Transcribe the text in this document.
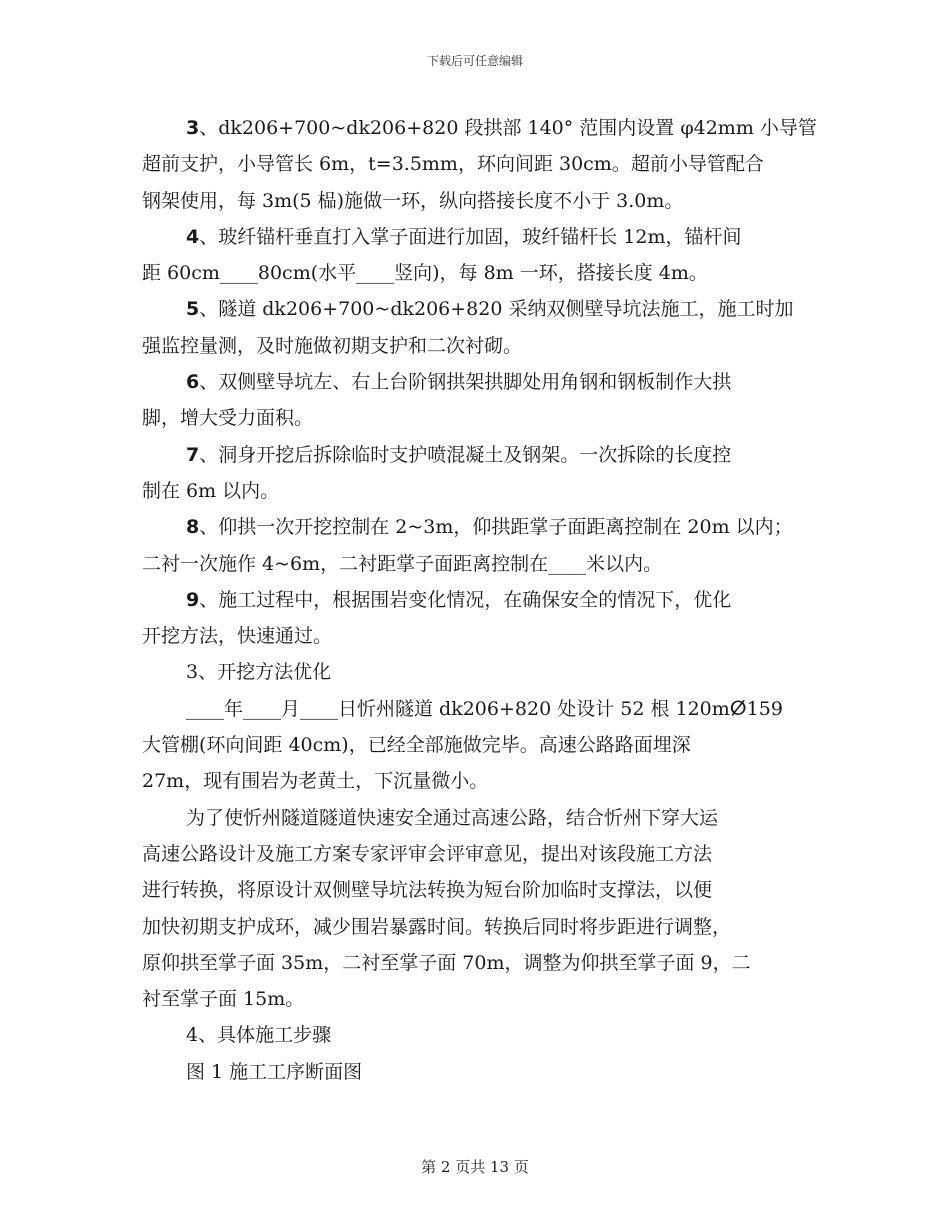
下载后可任意编辑
3、dk206+700~dk206+820 段拱部 140° 范围内设置 φ42mm 小导管
超前支护，小导管长 6m，t=3.5mm，环向间距 30cm。超前小导管配合
钢架使用，每 3m(5 榀)施做一环，纵向搭接长度不小于 3.0m。
4、玻纤锚杆垂直打入掌子面进行加固，玻纤锚杆长 12m，锚杆间
距 60cm____80cm(水平____竖向)，每 8m 一环，搭接长度 4m。
5、隧道 dk206+700~dk206+820 采纳双侧壁导坑法施工，施工时加
强监控量测，及时施做初期支护和二次衬砌。
6、双侧壁导坑左、右上台阶钢拱架拱脚处用角钢和钢板制作大拱
脚，增大受力面积。
7、洞身开挖后拆除临时支护喷混凝土及钢架。一次拆除的长度控
制在 6m 以内。
8、仰拱一次开挖控制在 2~3m，仰拱距掌子面距离控制在 20m 以内；
二衬一次施作 4~6m，二衬距掌子面距离控制在____米以内。
9、施工过程中，根据围岩变化情况，在确保安全的情况下，优化
开挖方法，快速通过。
3、开挖方法优化
____年____月____日忻州隧道 dk206+820 处设计 52 根 120mⵁ159
大管棚(环向间距 40cm)，已经全部施做完毕。高速公路路面埋深
27m，现有围岩为老黄土，下沉量微小。
为了使忻州隧道隧道快速安全通过高速公路，结合忻州下穿大运
高速公路设计及施工方案专家评审会评审意见，提出对该段施工方法
进行转换，将原设计双侧壁导坑法转换为短台阶加临时支撑法，以便
加快初期支护成环，减少围岩暴露时间。转换后同时将步距进行调整，
原仰拱至掌子面 35m，二衬至掌子面 70m，调整为仰拱至掌子面 9，二
衬至掌子面 15m。
4、具体施工步骤
图 1 施工工序断面图
第 2 页共 13 页
